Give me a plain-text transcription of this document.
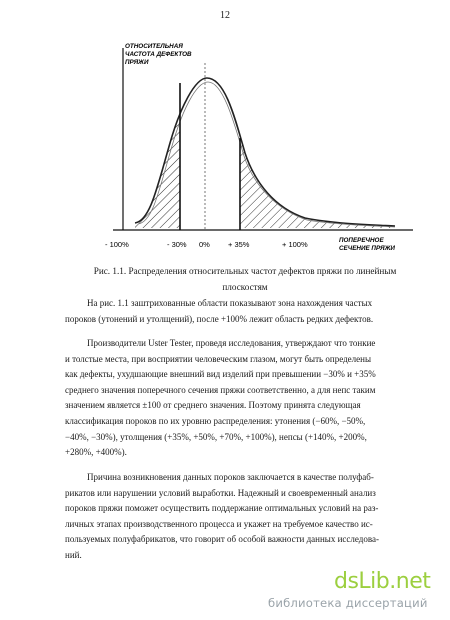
12
ОТНОСИТЕЛЬНАЯ
ЧАСТОТА ДЕФЕКТОВ
ПРЯЖИ
ПОПЕРЕЧНОЕ
СЕЧЕНИЕ ПРЯЖИ
- 100%	- 30% 0% + 35%	+ 100%
Рис. 1.1. Распределения относительных частот дефектов пряжи по линейным
плоскостям
На рис. 1.1 заштрихованные области показывают зона нахождения частых
пороков (утонений и утолщений), после +100% лежит область редких дефектов.
Производители Uster Tester, проведя исследования, утверждают что тонкие
и толстые места, при восприятии человеческим глазом, могут быть определены
как дефекты, ухудшающие внешний вид изделий при превышении −30% и +35%
среднего значения поперечного сечения пряжи соответственно, а для непс таким
значением является ±100 от среднего значения. Поэтому принята следующая
классификация пороков по их уровню распределения: утонения (−60%, −50%,
−40%, −30%), утолщения (+35%, +50%, +70%, +100%), непсы (+140%, +200%,
+280%, +400%).
Причина возникновения данных пороков заключается в качестве полуфаб-
рикатов или нарушении условий выработки. Надежный и своевременный анализ
пороков пряжи поможет осуществить поддержание оптимальных условий на раз-
личных этапах производственного процесса и укажет на требуемое качество ис-
пользуемых полуфабрикатов, что говорит об особой важности данных исследова-
ний.
dsLib.net
библиотека диссертаций
